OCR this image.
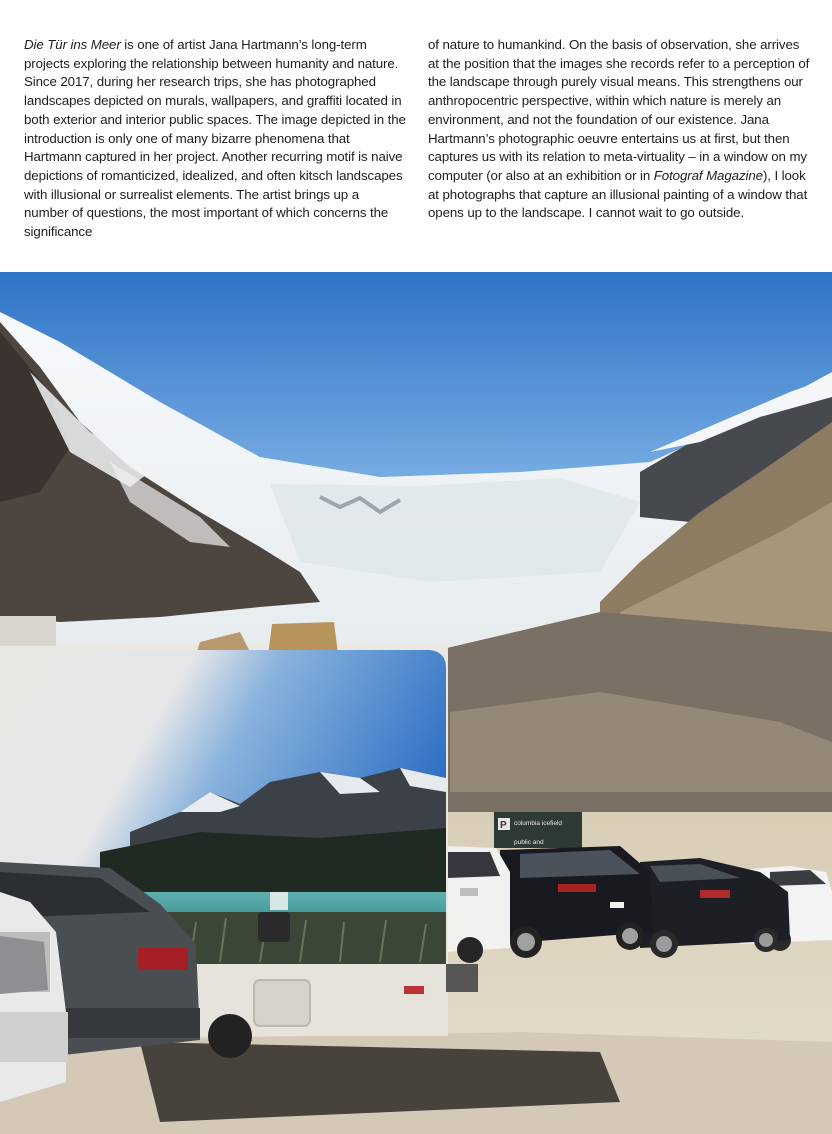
Die Tür ins Meer is one of artist Jana Hartmann’s long-term projects exploring the relationship between humanity and nature. Since 2017, during her research trips, she has photographed landscapes depicted on murals, wallpapers, and graffiti located in both exterior and interior public spaces. The image depicted in the introduction is only one of many bizarre phenomena that Hartmann captured in her project. Another recurring motif is naive depictions of romanticized, idealized, and often kitsch landscapes with illusional or surrealist elements. The artist brings up a number of questions, the most important of which concerns the significance

of nature to humankind. On the basis of observation, she arrives at the position that the images she records refer to a perception of the landscape through purely visual means. This strengthens our anthropocentric perspective, within which nature is merely an environment, and not the foundation of our existence. Jana Hartmann’s photographic oeuvre entertains us at first, but then captures us with its relation to meta-virtuality – in a window on my computer (or also at an exhibition or in Fotograf Magazine), I look at photographs that capture an illusional painting of a window that opens up to the landscape. I cannot wait to go outside.

P columbia icefield
public and
